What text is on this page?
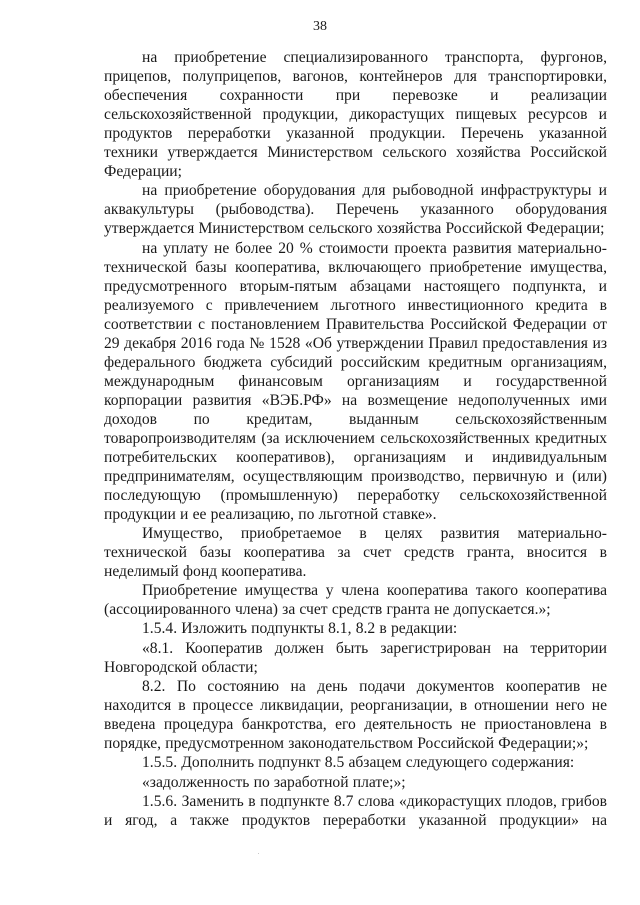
38

на приобретение специализированного транспорта, фургонов, прицепов, полуприцепов, вагонов, контейнеров для транспортировки, обеспечения сохранности при перевозке и реализации сельскохозяйственной продукции, дикорастущих пищевых ресурсов и продуктов переработки указанной продукции. Перечень указанной техники утверждается Министерством сельского хозяйства Российской Федерации;

на приобретение оборудования для рыбоводной инфраструктуры и аквакультуры (рыбоводства). Перечень указанного оборудования утверждается Министерством сельского хозяйства Российской Федерации;

на уплату не более 20 % стоимости проекта развития материально-технической базы кооператива, включающего приобретение имущества, предусмотренного вторым-пятым абзацами настоящего подпункта, и реализуемого с привлечением льготного инвестиционного кредита в соответствии с постановлением Правительства Российской Федерации от 29 декабря 2016 года № 1528 «Об утверждении Правил предоставления из федерального бюджета субсидий российским кредитным организациям, международным финансовым организациям и государственной корпорации развития «ВЭБ.РФ» на возмещение недополученных ими доходов по кредитам, выданным сельскохозяйственным товаропроизводителям (за исключением сельскохозяйственных кредитных потребительских кооперативов), организациям и индивидуальным предпринимателям, осуществляющим производство, первичную и (или) последующую (промышленную) переработку сельскохозяйственной продукции и ее реализацию, по льготной ставке».

Имущество, приобретаемое в целях развития материально-технической базы кооператива за счет средств гранта, вносится в неделимый фонд кооператива.

Приобретение имущества у члена кооператива такого кооператива (ассоциированного члена) за счет средств гранта не допускается.»;

1.5.4. Изложить подпункты 8.1, 8.2 в редакции:

«8.1. Кооператив должен быть зарегистрирован на территории Новгородской области;

8.2. По состоянию на день подачи документов кооператив не находится в процессе ликвидации, реорганизации, в отношении него не введена процедура банкротства, его деятельность не приостановлена в порядке, предусмотренном законодательством Российской Федерации;»;

1.5.5. Дополнить подпункт 8.5 абзацем следующего содержания:

«задолженность по заработной плате;»;

1.5.6. Заменить в подпункте 8.7 слова «дикорастущих плодов, грибов и ягод, а также продуктов переработки указанной продукции» на
